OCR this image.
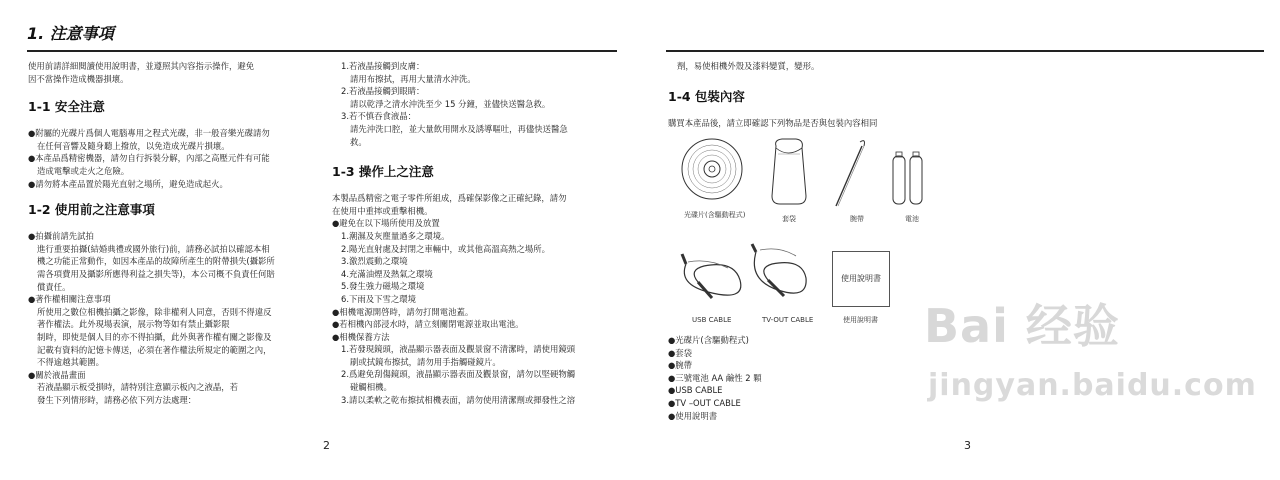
1. 注意事項

使用前請詳細閱讀使用說明書，並遵照其內容指示操作，避免

因不當操作造成機器損壞。

1-1 安全注意

●附屬的光碟片爲個人電腦專用之程式光碟，非一般音樂光碟請勿

在任何音響及隨身聽上撥放，以免造成光碟片損壞。

●本產品爲精密機器，請勿自行拆裝分解，內部之高壓元件有可能

造成電擊或走火之危險。

●請勿將本產品置於陽光直射之場所，避免造成起火。

1-2 使用前之注意事項

●拍攝前請先試拍

進行重要拍攝(結婚典禮或國外旅行)前，請務必試拍以確認本相

機之功能正常動作，如因本產品的故障所產生的附帶損失(攝影所

需各項費用及攝影所應得利益之損失等)，本公司概不負責任何賠

償責任。

●著作權相關注意事項

所使用之數位相機拍攝之影像，除非權利人同意，否則不得違反

著作權法。此外現場表演，展示物等如有禁止攝影限

制時，即使是個人目的亦不得拍攝，此外與著作權有關之影像及

記載有資料的記憶卡傳送，必須在著作權法所規定的範圍之內，

不得逾越其範圍。

●關於液晶畫面

若液晶顯示板受損時，請特別注意顯示板內之液晶，若

發生下列情形時，請務必依下列方法處理：

1.若液晶接觸到皮膚：

請用布擦拭，再用大量清水沖洗。

2.若液晶接觸到眼睛：

請以乾淨之清水沖洗至少 15 分鐘，並儘快送醫急救。

3.若不慎吞食液晶：

請先沖洗口腔，並大量飲用開水及誘導嘔吐，再儘快送醫急

救。

1-3 操作上之注意

本製品爲精密之電子零件所組成，爲確保影像之正確紀錄，請勿

在使用中重摔或重擊相機。

●避免在以下場所使用及放置

1.潮濕及灰塵量過多之環境。

2.陽光直射處及封閉之車輛中，或其他高溫高熱之場所。

3.激烈震動之環境

4.充滿油煙及熱氣之環境

5.發生強力磁場之環境

6.下雨及下雪之環境

●相機電源開啓時，請勿打開電池蓋。

●若相機內部浸水時，請立刻關閉電源並取出電池。

●相機保養方法

1.若發現鏡頭，液晶顯示器表面及觀景窗不清潔時，請使用鏡頭

刷或拭鏡布擦拭，請勿用手指觸碰鏡片。

2.爲避免刮傷鏡頭，液晶顯示器表面及觀景窗，請勿以堅硬物觸

碰觸相機。

3.請以柔軟之乾布擦拭相機表面，請勿使用清潔劑或揮發性之溶

2

劑，易使相機外殼及漆料變質，變形。

1-4 包裝內容

購買本產品後，請立即確認下列物品是否與包裝內容相同

光碟片(含驅動程式)	套袋	腕帶	電池
USB CABLE	TV-OUT CABLE
使用說明書
使用說明書

●光碟片(含驅動程式)

●套袋

●腕帶

●三號電池 AA 鹼性 2 顆

●USB CABLE

●TV –OUT CABLE

●使用說明書

3
Bai 经验
jingyan.baidu.com
